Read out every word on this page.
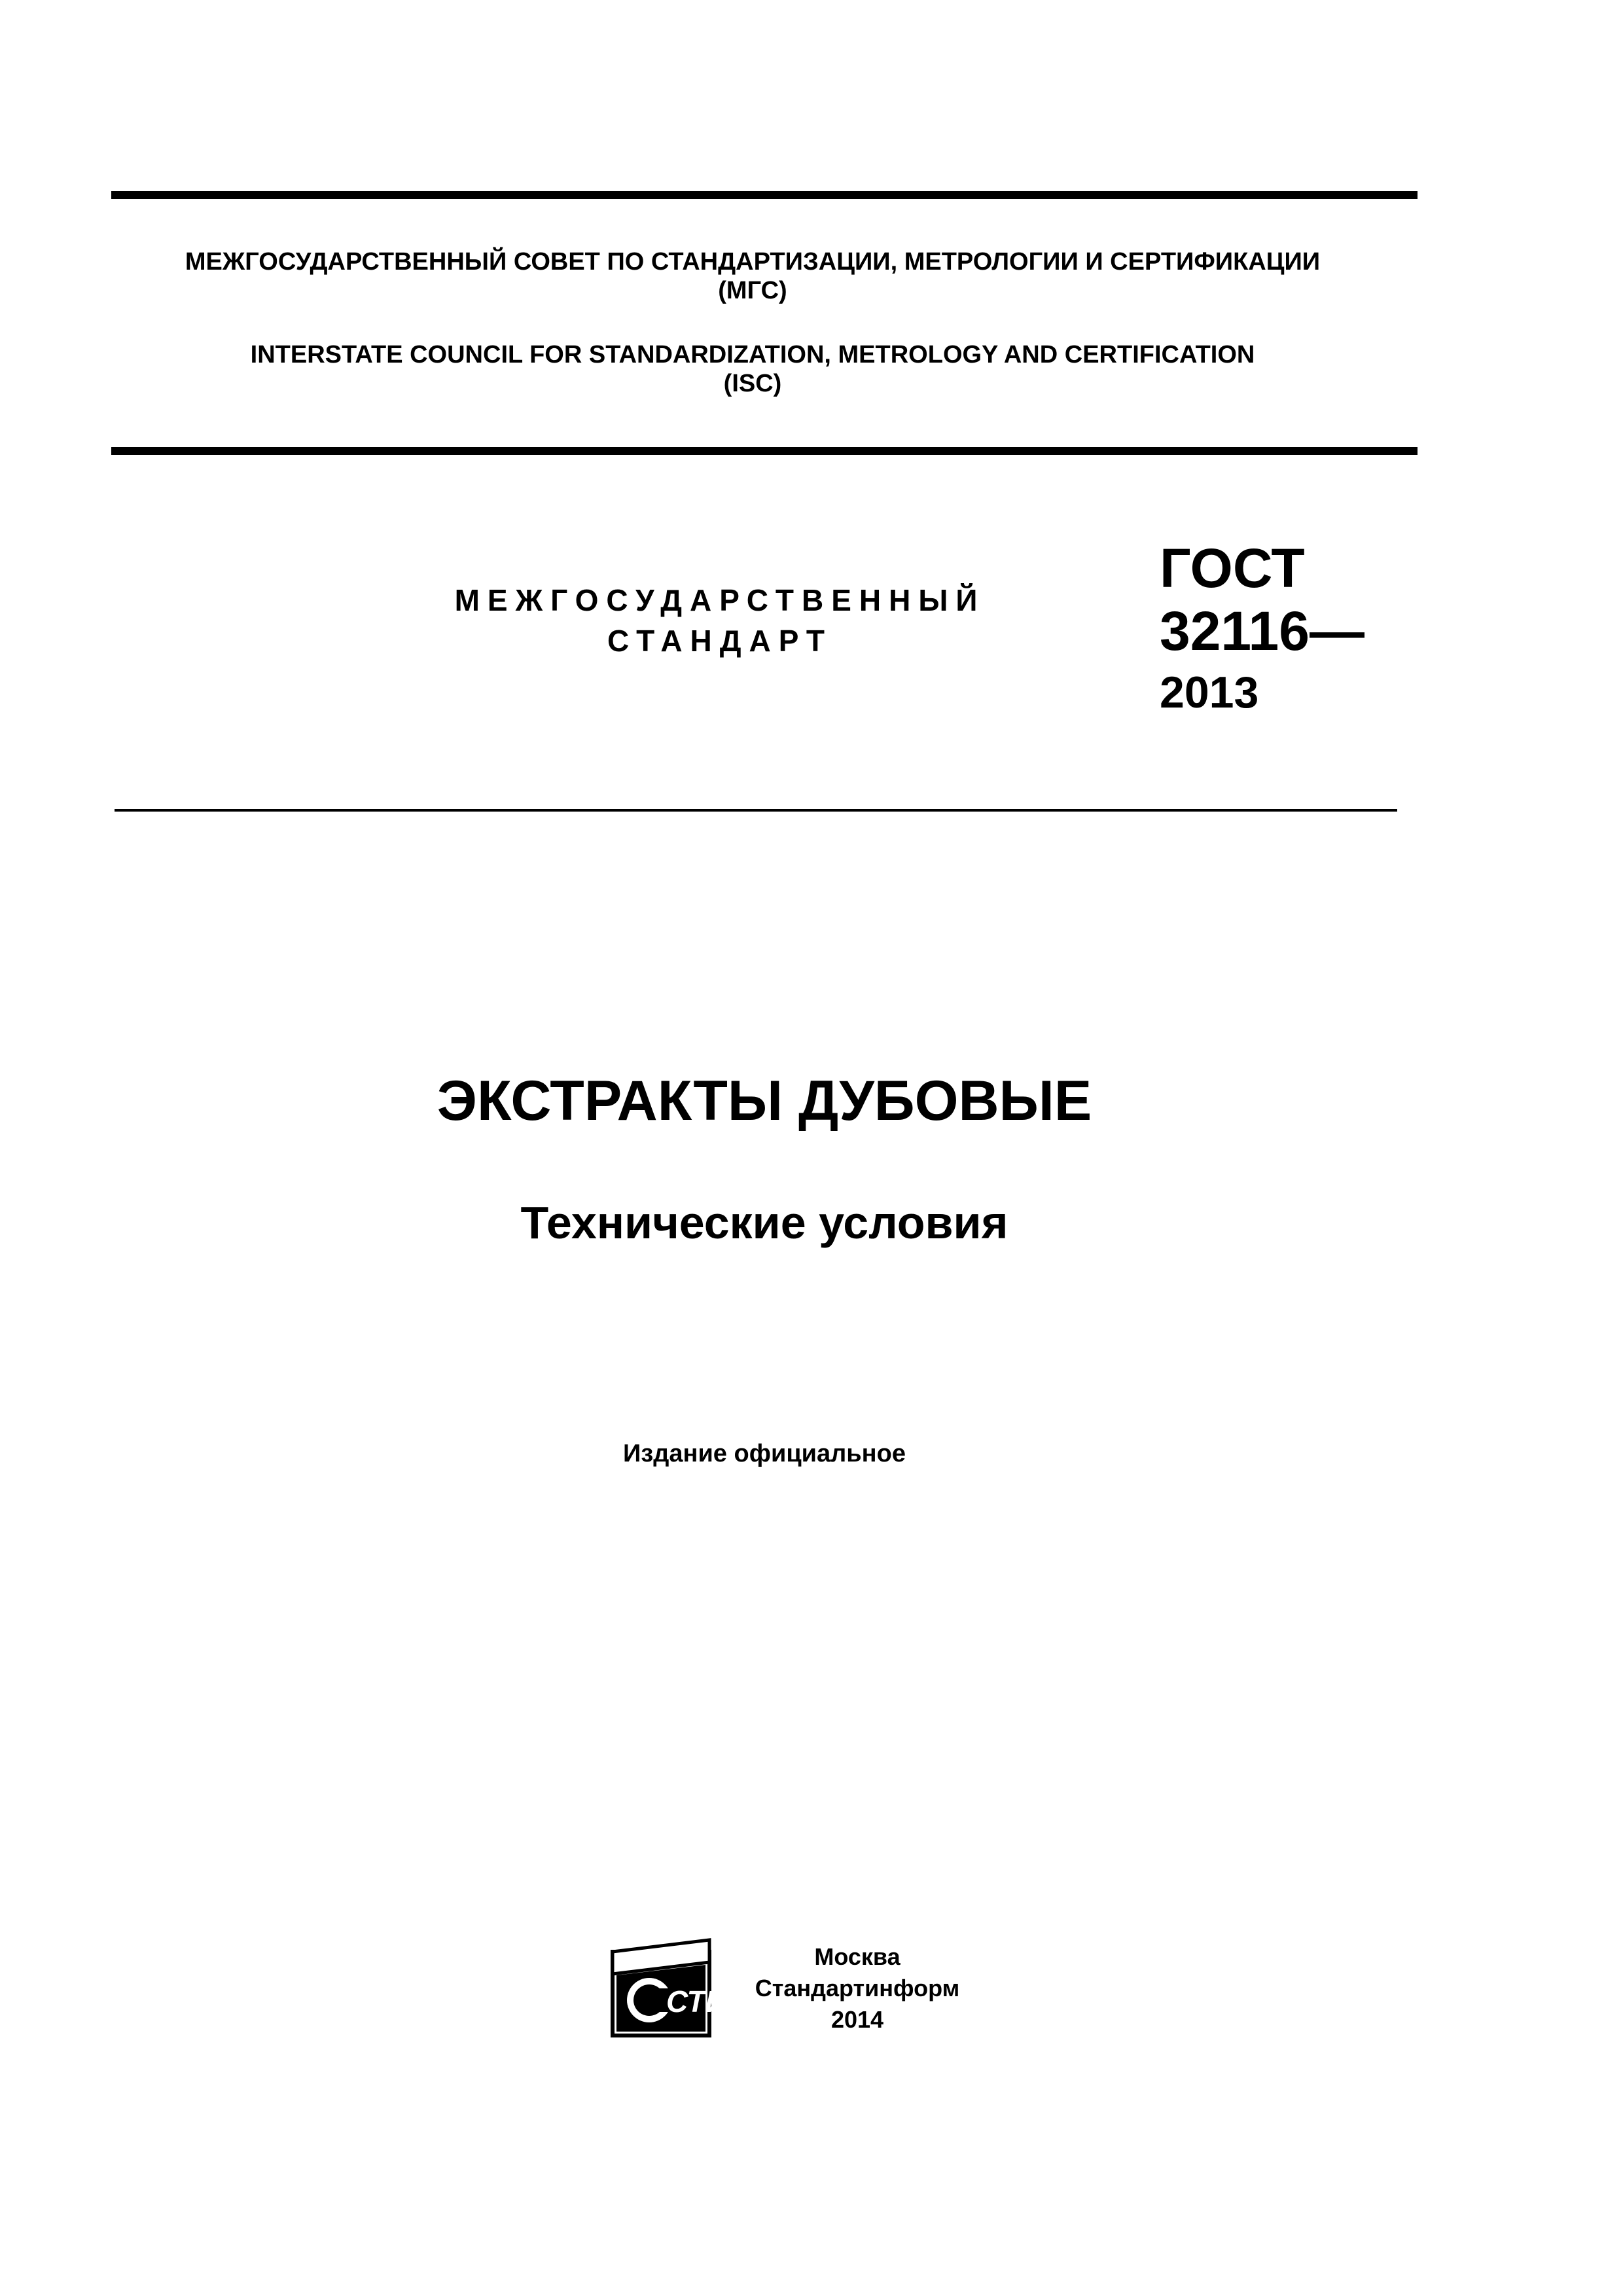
МЕЖГОСУДАРСТВЕННЫЙ СОВЕТ ПО СТАНДАРТИЗАЦИИ, МЕТРОЛОГИИ И СЕРТИФИКАЦИИ
(МГС)
INTERSTATE COUNCIL FOR STANDARDIZATION, METROLOGY AND CERTIFICATION
(ISC)
МЕЖГОСУДАРСТВЕННЫЙ
СТАНДАРТ
ГОСТ
32116—
2013
ЭКСТРАКТЫ ДУБОВЫЕ
Технические условия
Издание официальное
СТИ
Москва
Стандартинформ
2014
